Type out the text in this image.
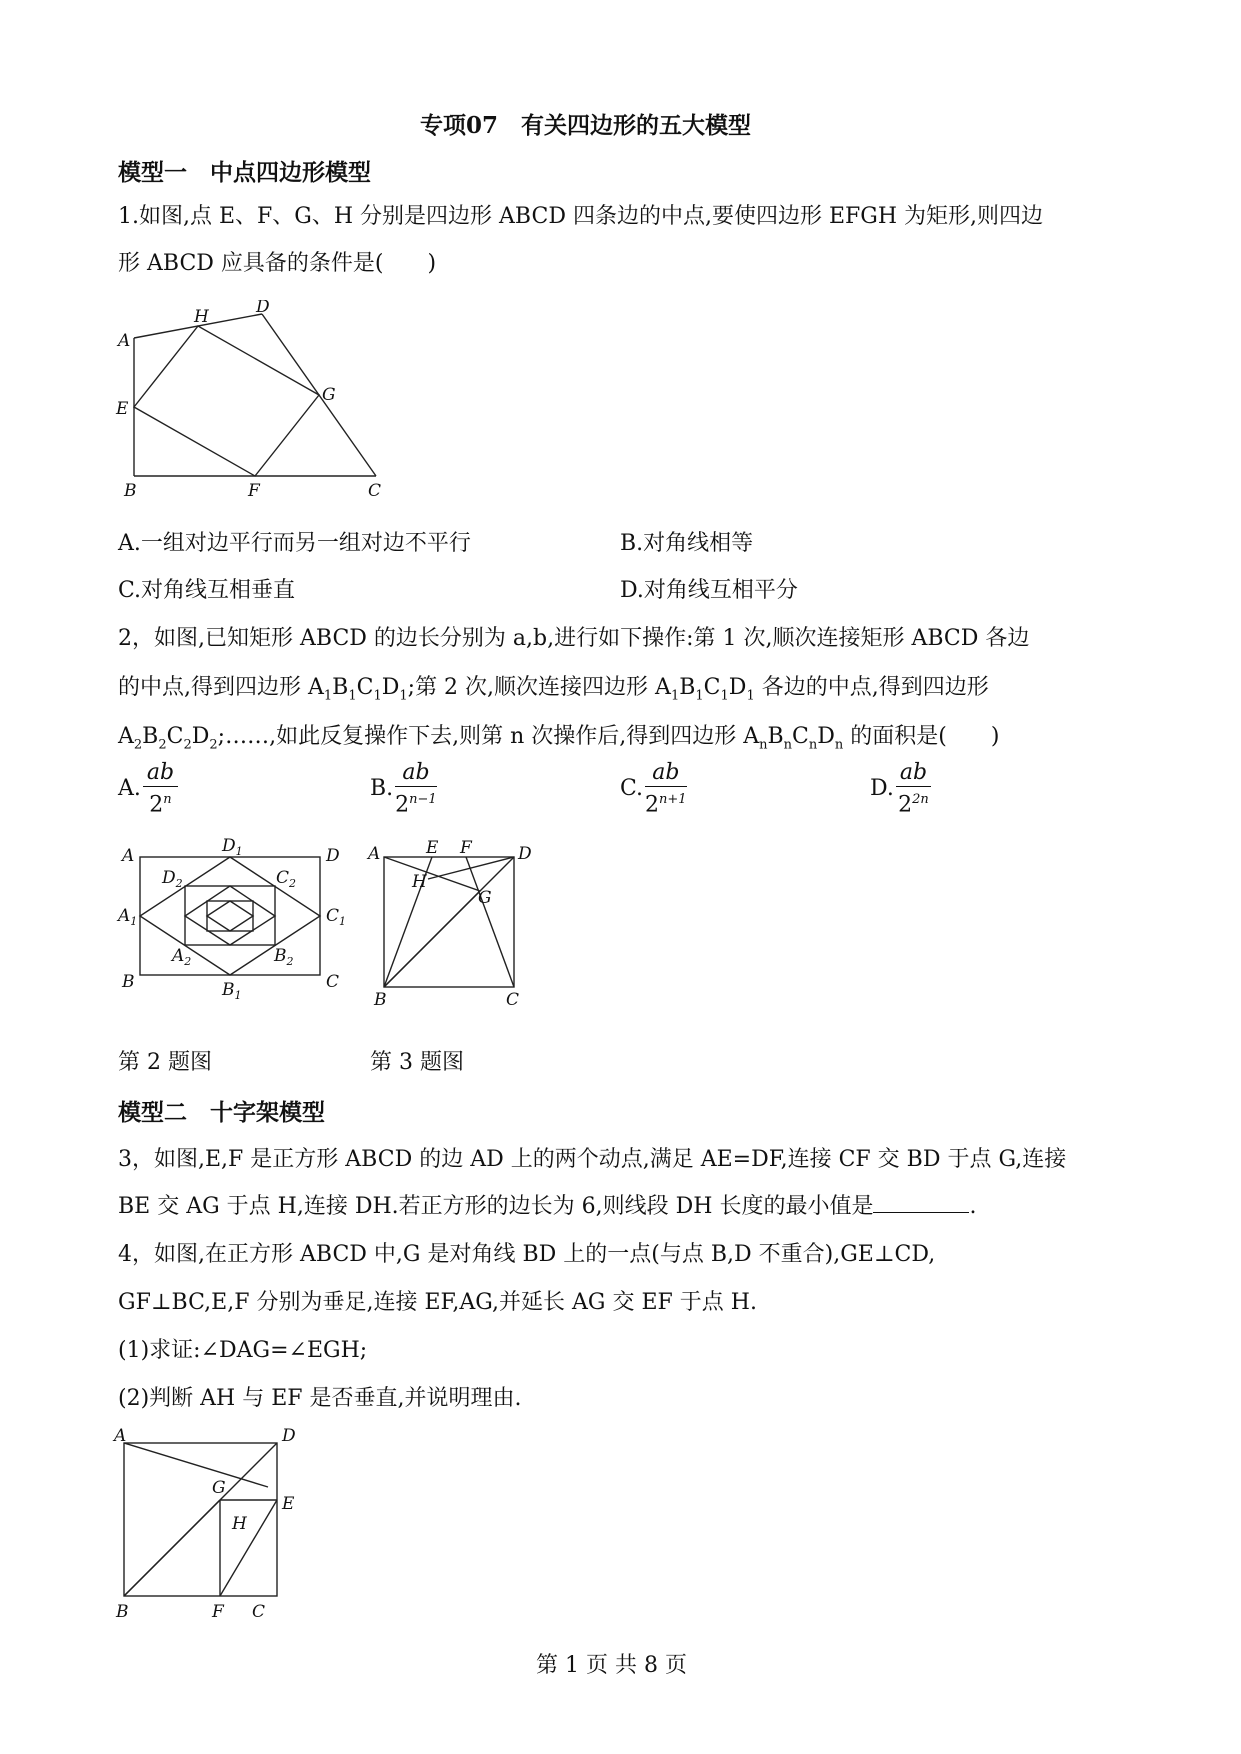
专项07　有关四边形的五大模型
模型一　中点四边形模型
1.如图,点 E、F、G、H 分别是四边形 ABCD 四条边的中点,要使四边形 EFGH 为矩形,则四边
形 ABCD 应具备的条件是(　　)
A
E
B	F	C
G
H	D
A.一组对边平行而另一组对边不平行	B.对角线相等
C.对角线互相垂直	D.对角线互相平分
2，如图,已知矩形 ABCD 的边长分别为 a,b,进行如下操作:第 1 次,顺次连接矩形 ABCD 各边
的中点,得到四边形 $A_1B_1C_1D_1$;第 2 次,顺次连接四边形 $A_1B_1C_1D_1$ 各边的中点,得到四边形
$A_2B_2C_2D_2;\dots\dots$,如此反复操作下去,则第 n 次操作后,得到四边形 $A_nB_nC_nD_n$ 的面积是(　　)
A. $\frac{ab}{2^n}$	B. $\frac{ab}{2^{n-1}}$	C. $\frac{ab}{2^{n+1}}$	D. $\frac{ab}{2^{2n}}$
A	$D_1$	D
$D_2$	$C_2$
$A_1$	$C_1$
$A_2$	$B_2$
B	$B_1$
C
A	E F	D
H
G
B	C
第 2 题图	第 3 题图
模型二　十字架模型
3，如图,E,F 是正方形 ABCD 的边 AD 上的两个动点,满足 AE=DF,连接 CF 交 BD 于点 G,连接
BE 交 AG 于点 H,连接 DH.若正方形的边长为 6,则线段 DH 长度的最小值是	.
4，如图,在正方形 ABCD 中,G 是对角线 BD 上的一点(与点 B,D 不重合),GE⊥CD,
GF⊥BC,E,F 分别为垂足,连接 EF,AG,并延长 AG 交 EF 于点 H.
(1)求证:∠DAG=∠EGH;
(2)判断 AH 与 EF 是否垂直,并说明理由.
A	D
G
E
H
B	F C
第 1 页 共 8 页
